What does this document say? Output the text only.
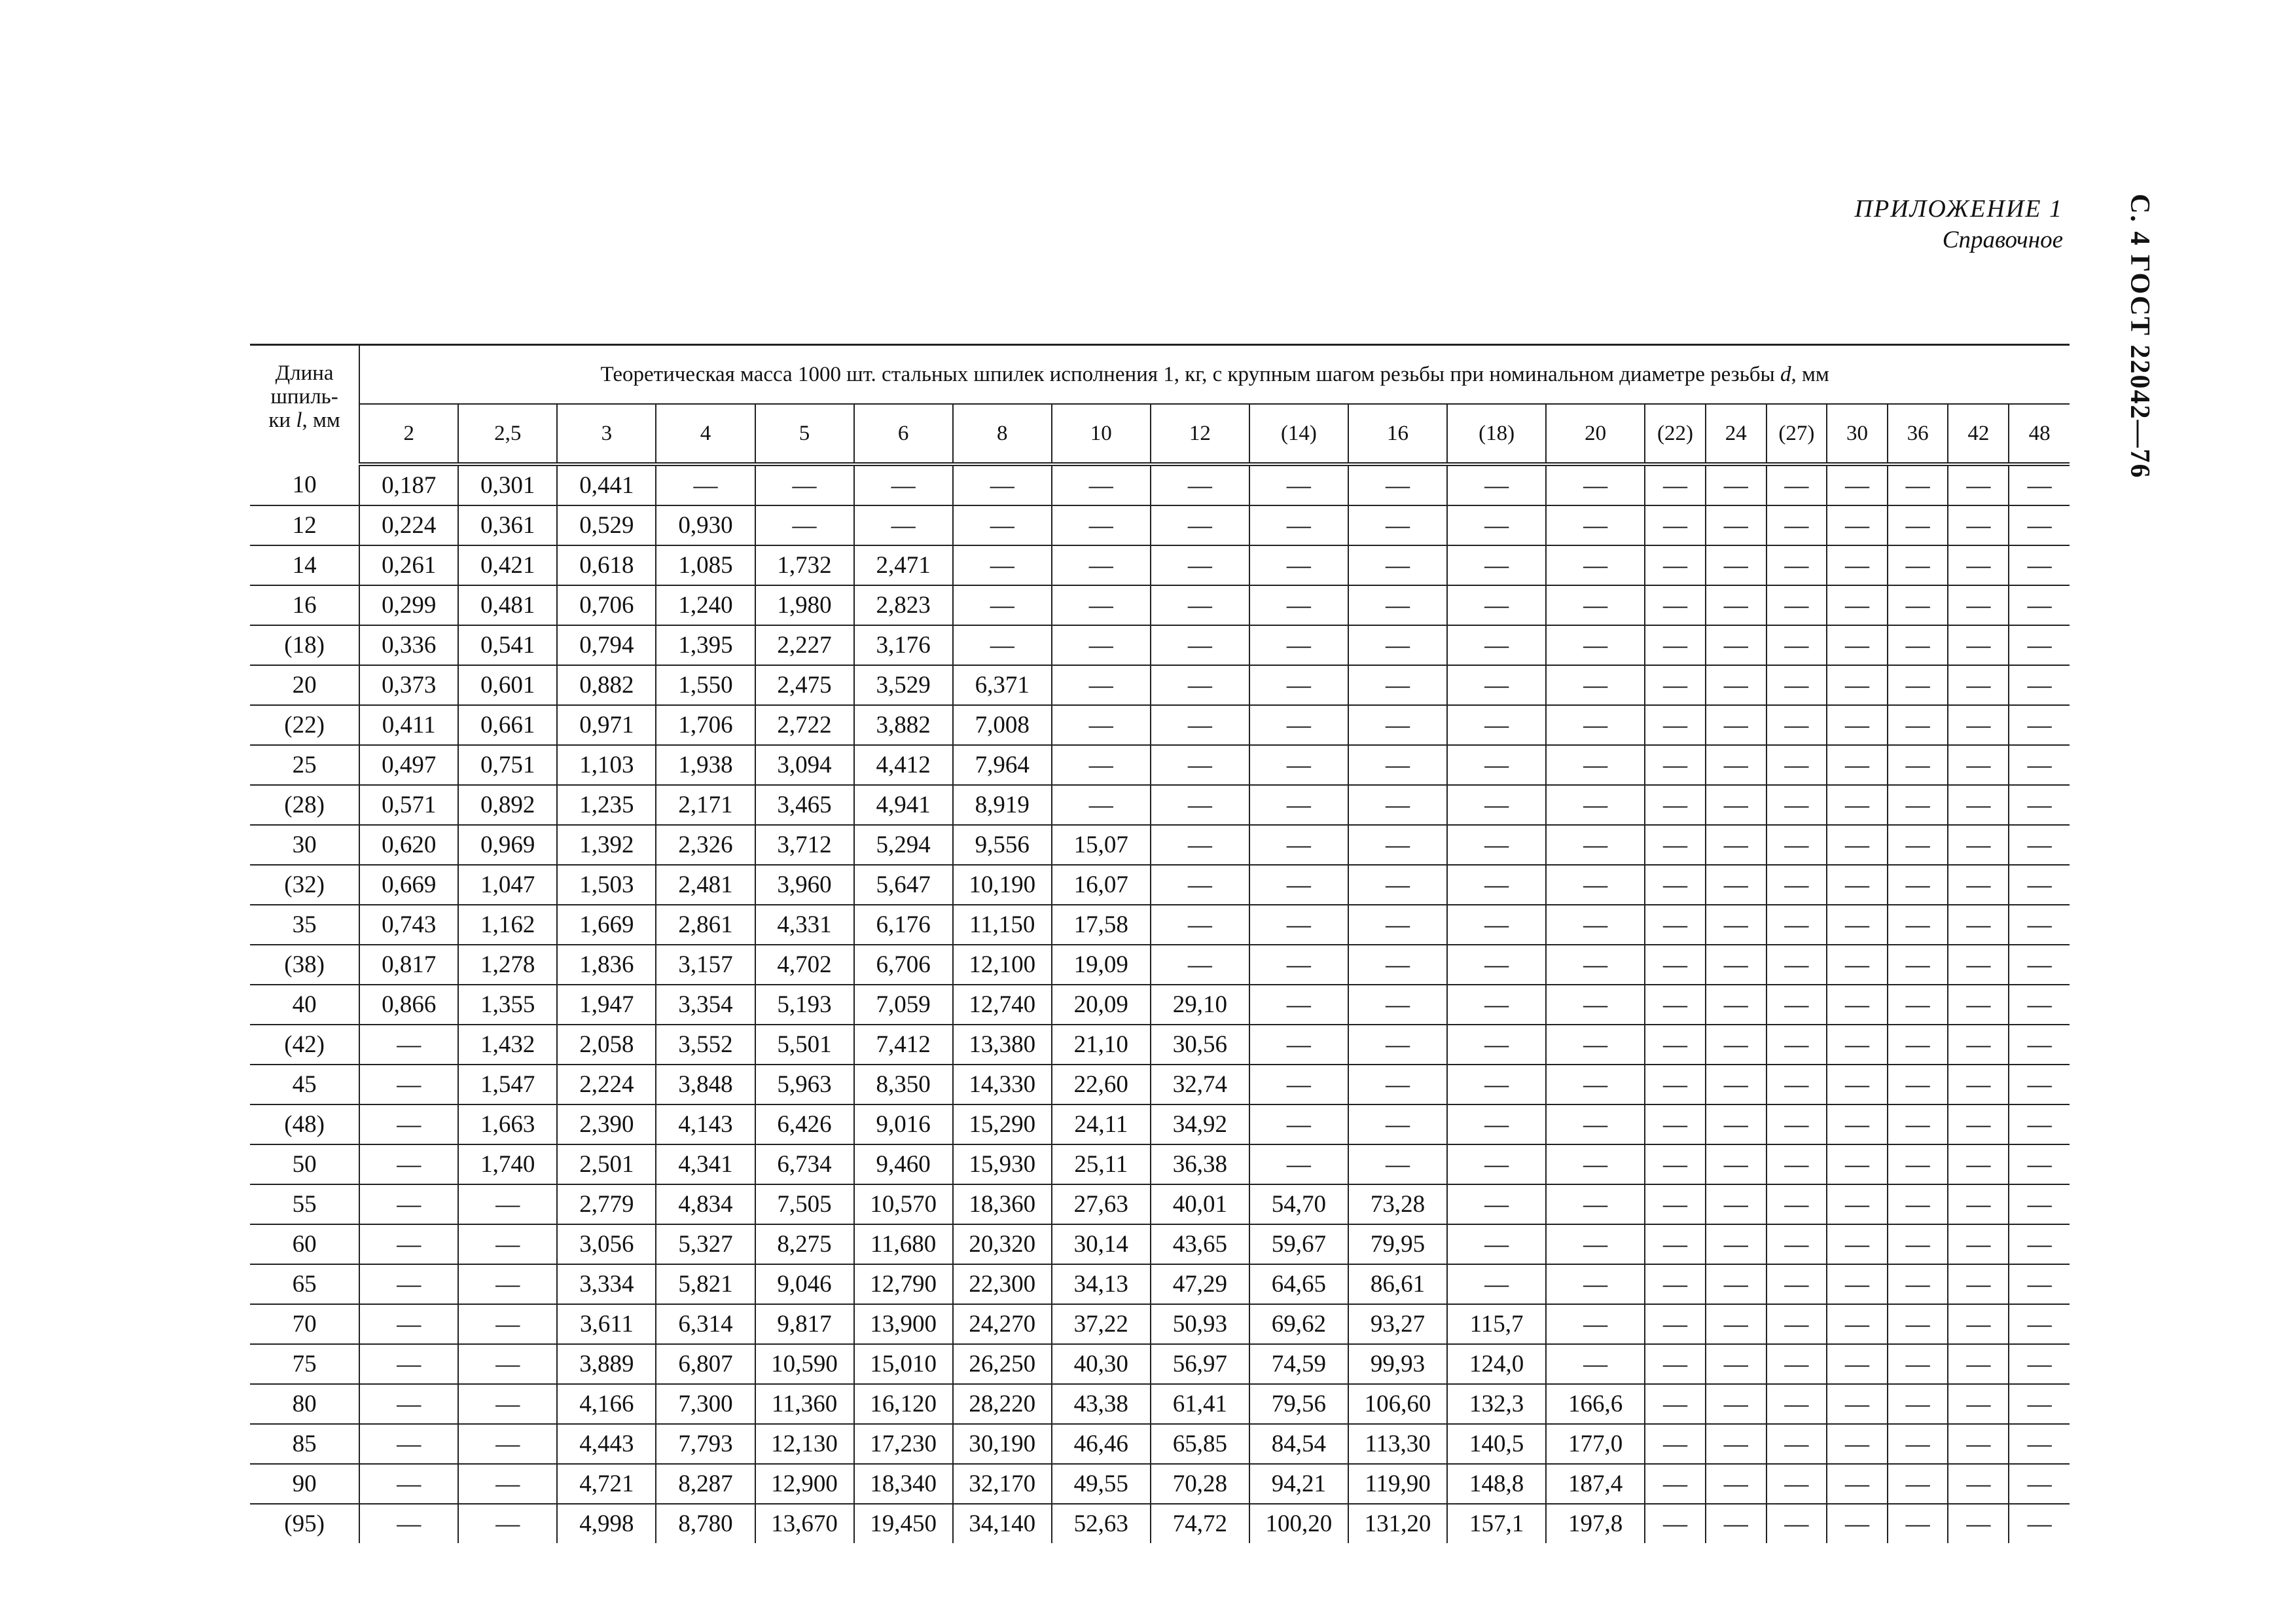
ПРИЛОЖЕНИЕ 1
Справочное С. 4 ГОСТ 22042—76
Длина
шпиль-
ки l, мм	Теоретическая масса 1000 шт. стальных шпилек исполнения 1, кг, с крупным шагом резьбы при номинальном диаметре резьбы d, мм																			
	2	2,5	3	4	5	6	8	10	12	(14)	16	(18)	20	(22)	24	(27)	30	36	42	48
10	0,187	0,301	0,441	—	—	—	—	—	—	—	—	—	—	—	—	—	—	—	—	—
12	0,224	0,361	0,529	0,930	—	—	—	—	—	—	—	—	—	—	—	—	—	—	—	—
14	0,261	0,421	0,618	1,085	1,732	2,471	—	—	—	—	—	—	—	—	—	—	—	—	—	—
16	0,299	0,481	0,706	1,240	1,980	2,823	—	—	—	—	—	—	—	—	—	—	—	—	—	—
(18)	0,336	0,541	0,794	1,395	2,227	3,176	—	—	—	—	—	—	—	—	—	—	—	—	—	—
20	0,373	0,601	0,882	1,550	2,475	3,529	6,371	—	—	—	—	—	—	—	—	—	—	—	—	—
(22)	0,411	0,661	0,971	1,706	2,722	3,882	7,008	—	—	—	—	—	—	—	—	—	—	—	—	—
25	0,497	0,751	1,103	1,938	3,094	4,412	7,964	—	—	—	—	—	—	—	—	—	—	—	—	—
(28)	0,571	0,892	1,235	2,171	3,465	4,941	8,919	—	—	—	—	—	—	—	—	—	—	—	—	—
30	0,620	0,969	1,392	2,326	3,712	5,294	9,556	15,07	—	—	—	—	—	—	—	—	—	—	—	—
(32)	0,669	1,047	1,503	2,481	3,960	5,647	10,190	16,07	—	—	—	—	—	—	—	—	—	—	—	—
35	0,743	1,162	1,669	2,861	4,331	6,176	11,150	17,58	—	—	—	—	—	—	—	—	—	—	—	—
(38)	0,817	1,278	1,836	3,157	4,702	6,706	12,100	19,09	—	—	—	—	—	—	—	—	—	—	—	—
40	0,866	1,355	1,947	3,354	5,193	7,059	12,740	20,09	29,10	—	—	—	—	—	—	—	—	—	—	—
(42)	—	1,432	2,058	3,552	5,501	7,412	13,380	21,10	30,56	—	—	—	—	—	—	—	—	—	—	—
45	—	1,547	2,224	3,848	5,963	8,350	14,330	22,60	32,74	—	—	—	—	—	—	—	—	—	—	—
(48)	—	1,663	2,390	4,143	6,426	9,016	15,290	24,11	34,92	—	—	—	—	—	—	—	—	—	—	—
50	—	1,740	2,501	4,341	6,734	9,460	15,930	25,11	36,38	—	—	—	—	—	—	—	—	—	—	—
55	—	—	2,779	4,834	7,505	10,570	18,360	27,63	40,01	54,70	73,28	—	—	—	—	—	—	—	—	—
60	—	—	3,056	5,327	8,275	11,680	20,320	30,14	43,65	59,67	79,95	—	—	—	—	—	—	—	—	—
65	—	—	3,334	5,821	9,046	12,790	22,300	34,13	47,29	64,65	86,61	—	—	—	—	—	—	—	—	—
70	—	—	3,611	6,314	9,817	13,900	24,270	37,22	50,93	69,62	93,27	115,7	—	—	—	—	—	—	—	—
75	—	—	3,889	6,807	10,590	15,010	26,250	40,30	56,97	74,59	99,93	124,0	—	—	—	—	—	—	—	—
80	—	—	4,166	7,300	11,360	16,120	28,220	43,38	61,41	79,56	106,60	132,3	166,6	—	—	—	—	—	—	—
85	—	—	4,443	7,793	12,130	17,230	30,190	46,46	65,85	84,54	113,30	140,5	177,0	—	—	—	—	—	—	—
90	—	—	4,721	8,287	12,900	18,340	32,170	49,55	70,28	94,21	119,90	148,8	187,4	—	—	—	—	—	—	—
(95)	—	—	4,998	8,780	13,670	19,450	34,140	52,63	74,72	100,20	131,20	157,1	197,8	—	—	—	—	—	—	—
